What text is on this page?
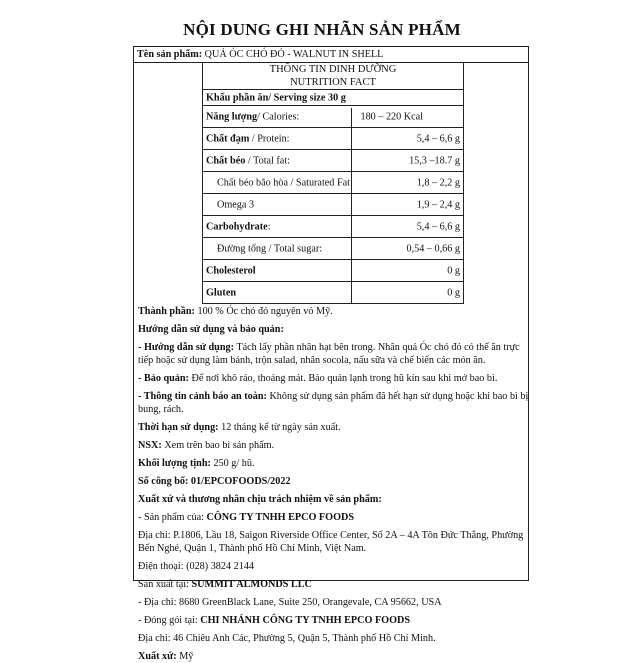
NỘI DUNG GHI NHÃN SẢN PHẨM
Tên sản phẩm: QUẢ ÓC CHÓ ĐỎ - WALNUT IN SHELL
THÔNG TIN DINH DƯỠNG
NUTRITION FACT
Khẩu phần ăn/ Serving size 30 g
Năng lượng/ Calories:	180 – 220 Kcal
Chất đạm / Protein:	5,4 – 6,6 g
Chất béo / Total fat:	15,3 –18.7 g
Chất béo bão hòa / Saturated Fat	1,8 – 2,2 g
Omega 3	1,9 – 2,4 g
Carbohydrate:	5,4 – 6,6 g
Đường tổng / Total sugar:	0,54 – 0,66 g
Cholesterol	0 g
Gluten	0 g

Thành phần: 100 % Óc chó đỏ nguyên vỏ Mỹ.

Hướng dẫn sử dụng và bảo quản:

- Hướng dẫn sử dụng: Tách lấy phần nhân hạt bên trong. Nhân quả Óc chó đỏ có thể ăn trực

tiếp hoặc sử dụng làm bánh, trộn salad, nhân socola, nấu sữa và chế biến các món ăn.

- Bảo quản: Để nơi khô ráo, thoáng mát. Bảo quản lạnh trong hũ kín sau khi mở bao bì.

- Thông tin cảnh báo an toàn: Không sử dụng sản phẩm đã hết hạn sử dụng hoặc khi bao bì bị

bung, rách.

Thời hạn sử dụng: 12 tháng kể từ ngày sản xuất.

NSX: Xem trên bao bì sản phẩm.

Khối lượng tịnh: 250 g/ hũ.

Số công bố: 01/EPCOFOODS/2022

Xuất xứ và thương nhân chịu trách nhiệm về sản phẩm:

- Sản phẩm của: CÔNG TY TNHH EPCO FOODS

Địa chỉ: P.1806, Lầu 18, Saigon Riverside Office Center, Số 2A – 4A Tôn Đức Thắng, Phường

Bến Nghé, Quận 1, Thành phố Hồ Chí Minh, Việt Nam.

Điện thoại: (028) 3824 2144

Sản xuất tại: SUMMIT ALMONDS LLC

- Địa chỉ: 8680 GreenBlack Lane, Suite 250, Orangevale, CA 95662, USA

- Đóng gói tại: CHI NHÁNH CÔNG TY TNHH EPCO FOODS

Địa chỉ: 46 Chiêu Anh Các, Phường 5, Quận 5, Thành phố Hồ Chí Minh.

Xuất xứ: Mỹ
